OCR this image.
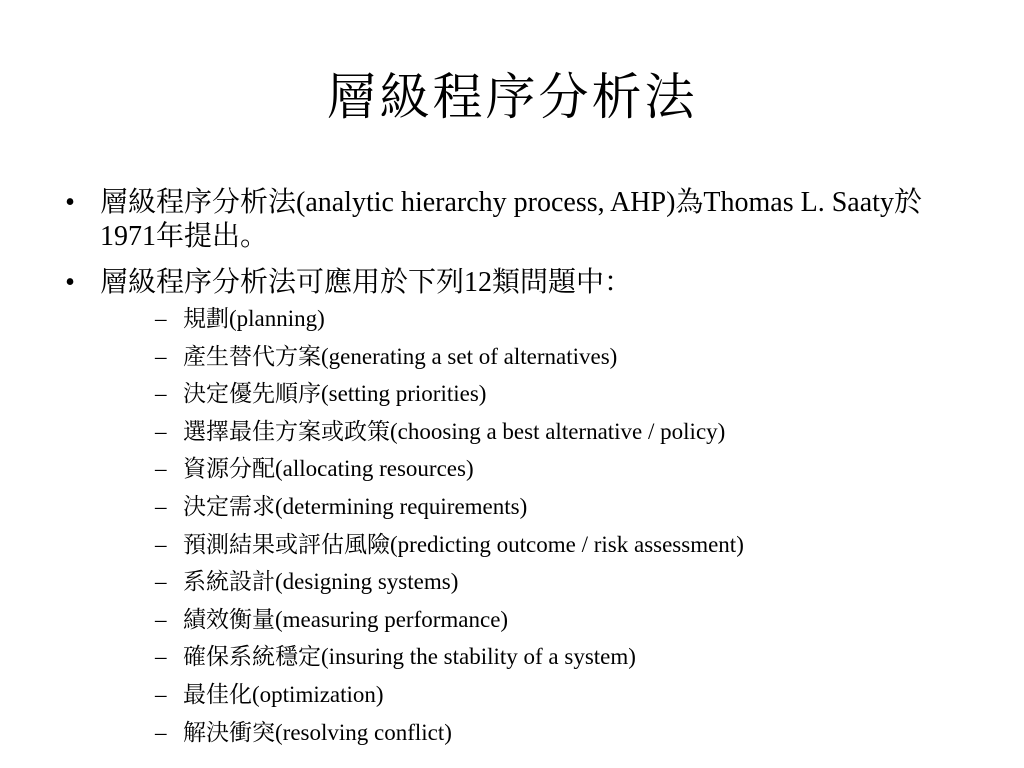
層級程序分析法
• 層級程序分析法(analytic hierarchy process, AHP)為Thomas L. Saaty於1971年提出。
• 層級程序分析法可應用於下列12類問題中：
– 規劃(planning)
– 產生替代方案(generating a set of alternatives)
– 決定優先順序(setting priorities)
– 選擇最佳方案或政策(choosing a best alternative / policy)
– 資源分配(allocating resources)
– 決定需求(determining requirements)
– 預測結果或評估風險(predicting outcome / risk assessment)
– 系統設計(designing systems)
– 績效衡量(measuring performance)
– 確保系統穩定(insuring the stability of a system)
– 最佳化(optimization)
– 解決衝突(resolving conflict)
